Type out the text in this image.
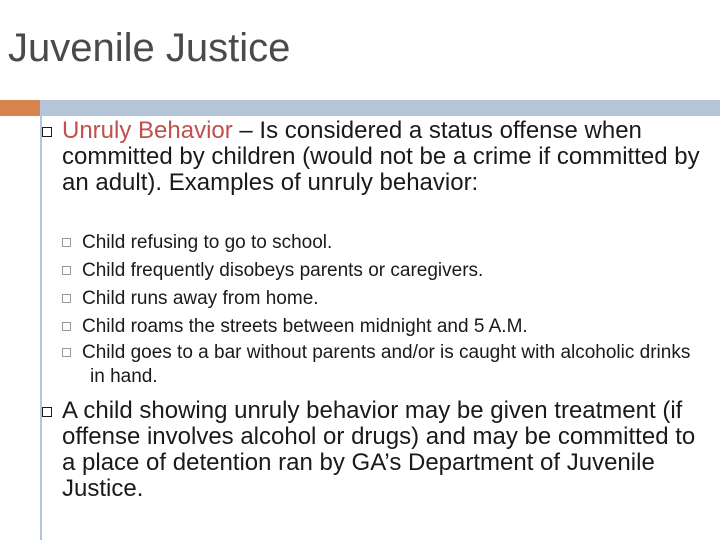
Juvenile Justice
Unruly Behavior – Is considered a status offense when committed by children (would not be a crime if committed by an adult). Examples of unruly behavior:
Child refusing to go to school.
Child frequently disobeys parents or caregivers.
Child runs away from home.
Child roams the streets between midnight and 5 A.M.
Child goes to a bar without parents and/or is caught with alcoholic drinks in hand.
A child showing unruly behavior may be given treatment (if offense involves alcohol or drugs) and may be committed to a place of detention ran by GA’s Department of Juvenile Justice.
